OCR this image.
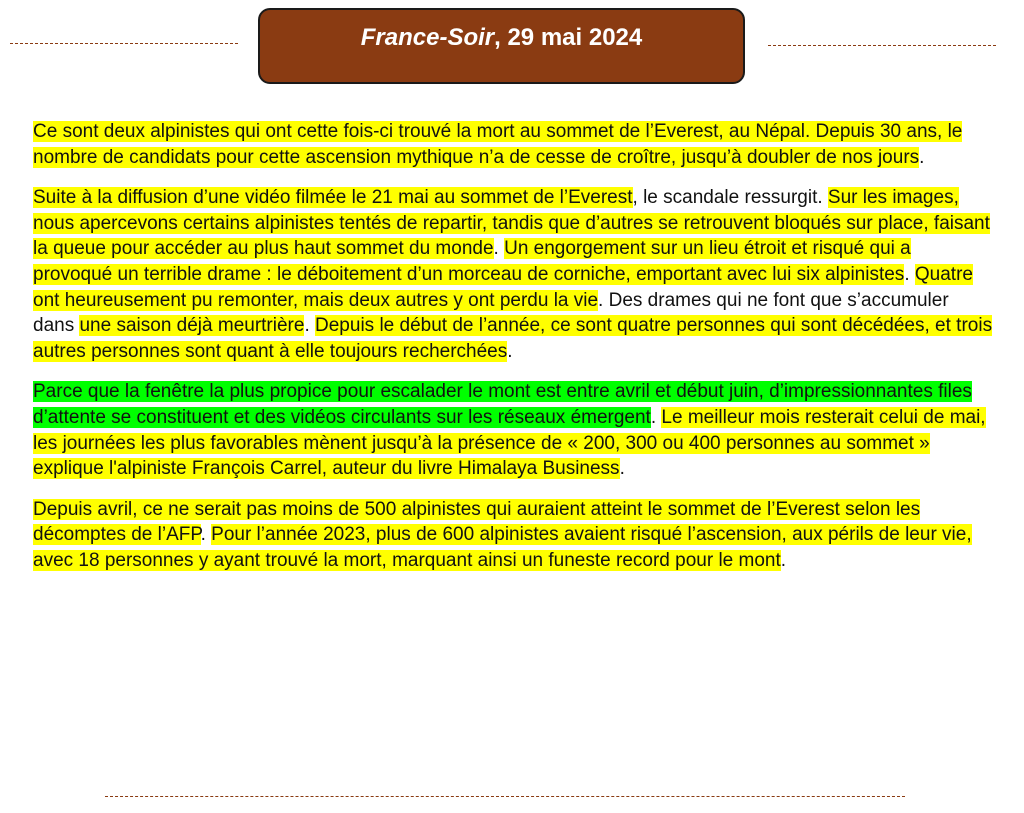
France-Soir , 29 mai 2024

Ce sont deux alpinistes qui ont cette fois-ci trouvé la mort au sommet de l’Everest, au Népal. Depuis 30 ans, le nombre de candidats pour cette ascension mythique n’a de cesse de croître, jusqu’à doubler de nos jours.

Suite à la diffusion d’une vidéo filmée le 21 mai au sommet de l’Everest, le scandale ressurgit. Sur les images, nous apercevons certains alpinistes tentés de repartir, tandis que d’autres se retrouvent bloqués sur place, faisant la queue pour accéder au plus haut sommet du monde. Un engorgement sur un lieu étroit et risqué qui a provoqué un terrible drame : le déboitement d’un morceau de corniche, emportant avec lui six alpinistes. Quatre ont heureusement pu remonter, mais deux autres y ont perdu la vie. Des drames qui ne font que s’accumuler dans une saison déjà meurtrière. Depuis le début de l’année, ce sont quatre personnes qui sont décédées, et trois autres personnes sont quant à elle toujours recherchées.

Parce que la fenêtre la plus propice pour escalader le mont est entre avril et début juin, d’impressionnantes files d’attente se constituent et des vidéos circulants sur les réseaux émergent. Le meilleur mois resterait celui de mai, les journées les plus favorables mènent jusqu’à la présence de « 200, 300 ou 400 personnes au sommet » explique l'alpiniste François Carrel, auteur du livre Himalaya Business.

Depuis avril, ce ne serait pas moins de 500 alpinistes qui auraient atteint le sommet de l’Everest selon les décomptes de l’AFP. Pour l’année 2023, plus de 600 alpinistes avaient risqué l’ascension, aux périls de leur vie, avec 18 personnes y ayant trouvé la mort, marquant ainsi un funeste record pour le mont.
